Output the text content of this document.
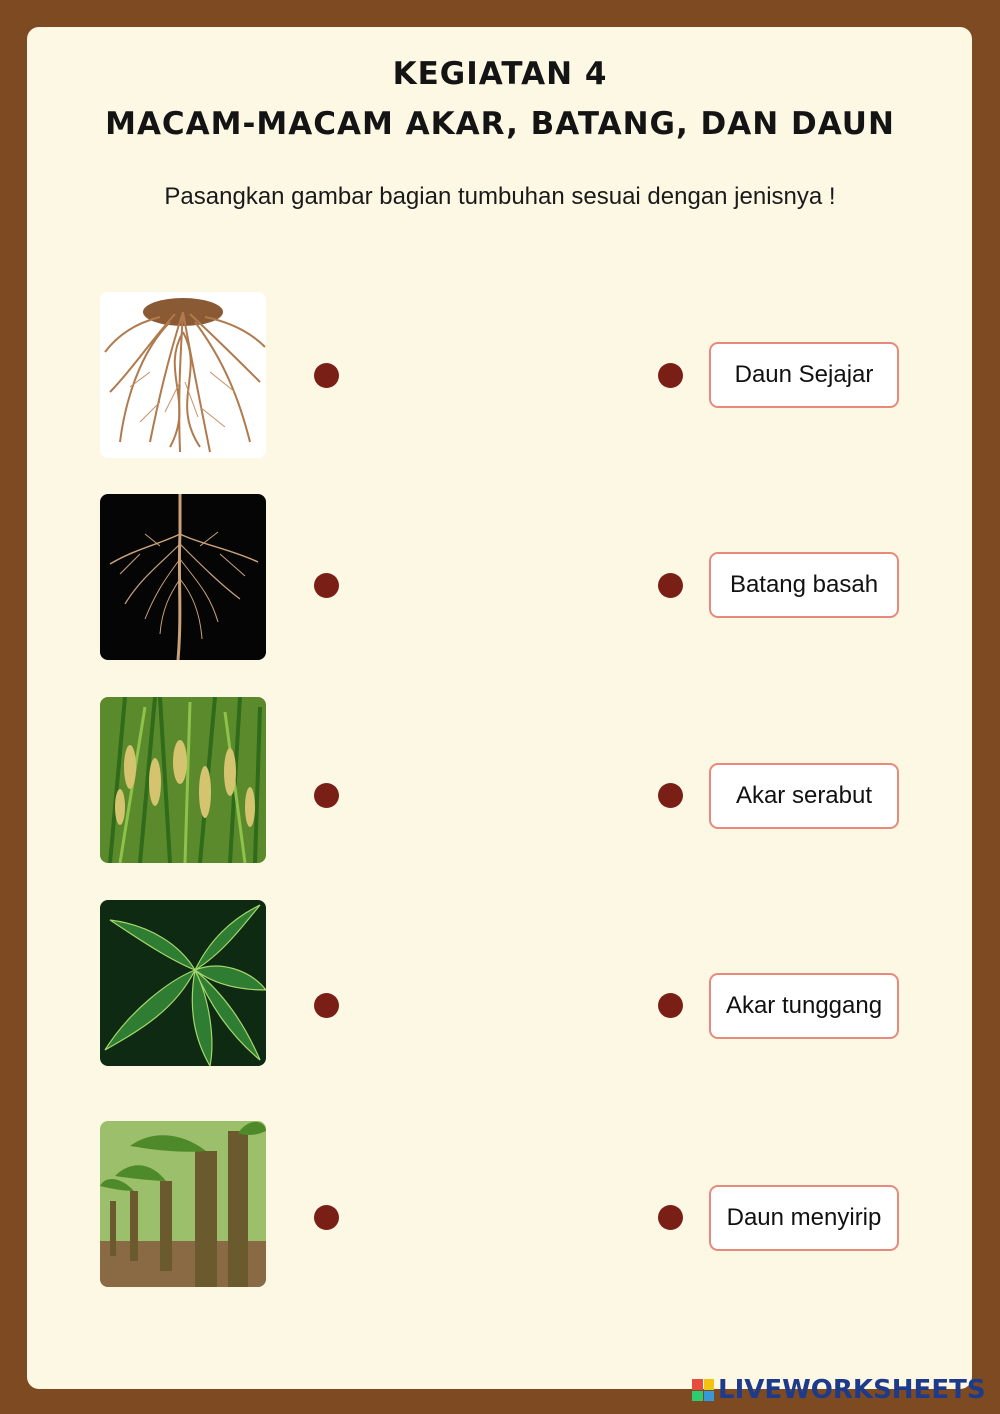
KEGIATAN 4
MACAM-MACAM AKAR, BATANG, DAN DAUN
Pasangkan gambar bagian tumbuhan sesuai dengan jenisnya !
Daun Sejajar
Batang basah
Akar serabut
Akar tunggang
Daun menyirip
LIVEWORKSHEETS
